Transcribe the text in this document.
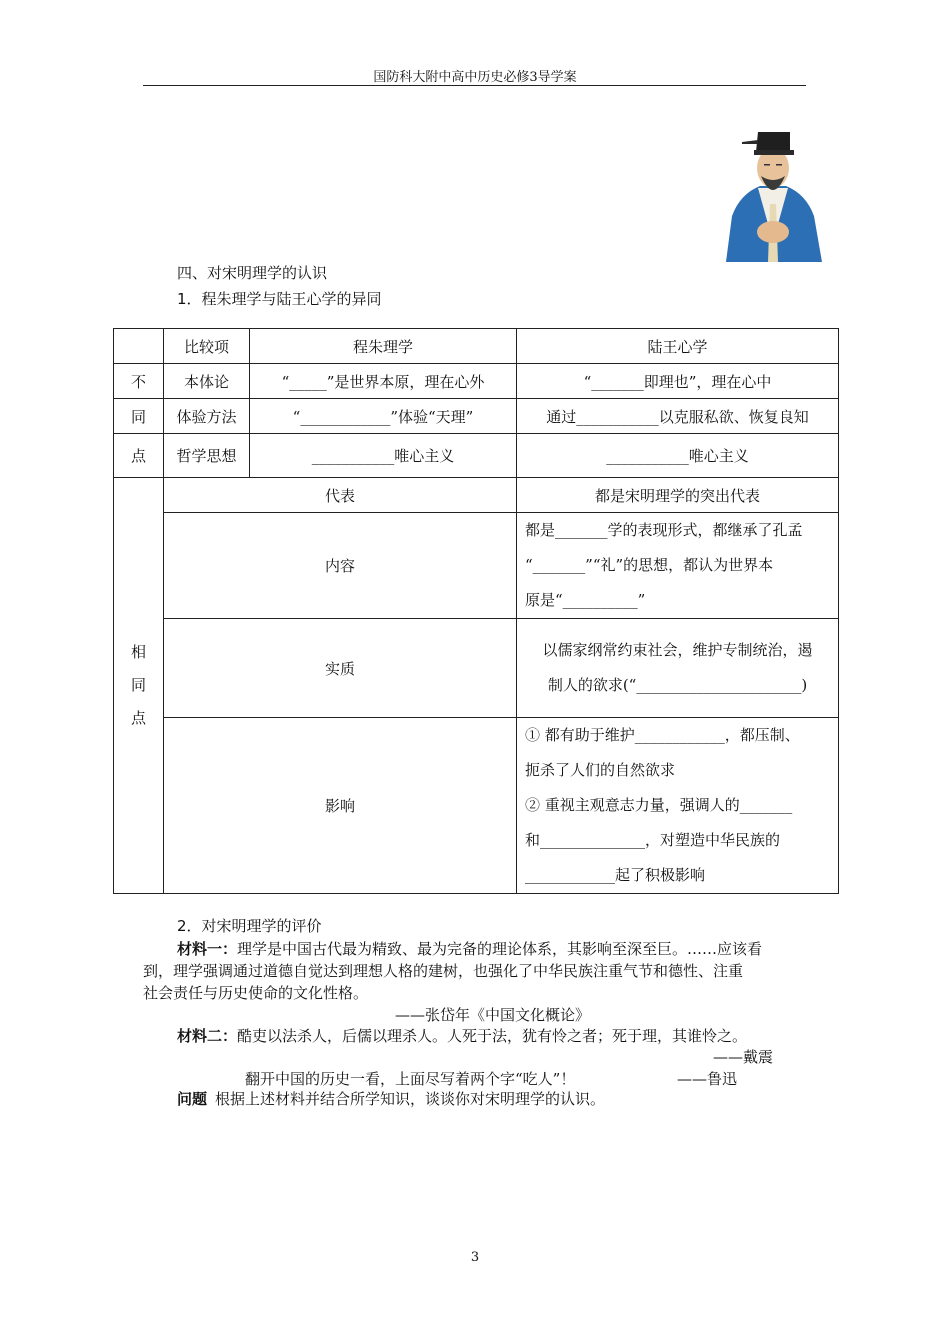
国防科大附中高中历史必修3导学案
四、对宋明理学的认识
1．程朱理学与陆王心学的异同
	比较项	程朱理学	陆王心学
不	本体论	“_____”是世界本原，理在心外	“_______即理也”，理在心中
同	体验方法	“____________”体验“天理”	通过___________以克服私欲、恢复良知
点	哲学思想	___________唯心主义	___________唯心主义

相
同
点	代表		都是宋明理学的突出代表
	内容		都是_______学的表现形式，都继承了孔孟
“_______”“礼”的思想，都认为世界本
原是“__________”

	实质		以儒家纲常约束社会，维护专制统治，遏
制人的欲求(“______________________)

	影响		① 都有助于维护____________，都压制、
扼杀了人们的自然欲求
② 重视主观意志力量，强调人的_______
和______________，对塑造中华民族的
____________起了积极影响
2．对宋明理学的评价
材料一：理学是中国古代最为精致、最为完备的理论体系，其影响至深至巨。……应该看
到，理学强调通过道德自觉达到理想人格的建树，也强化了中华民族注重气节和德性、注重
社会责任与历史使命的文化性格。
——张岱年《中国文化概论》
材料二：酷吏以法杀人，后儒以理杀人。人死于法，犹有怜之者；死于理，其谁怜之。
——戴震
翻开中国的历史一看，上面尽写着两个字“吃人”！	——鲁迅
问题 根据上述材料并结合所学知识，谈谈你对宋明理学的认识。
3
